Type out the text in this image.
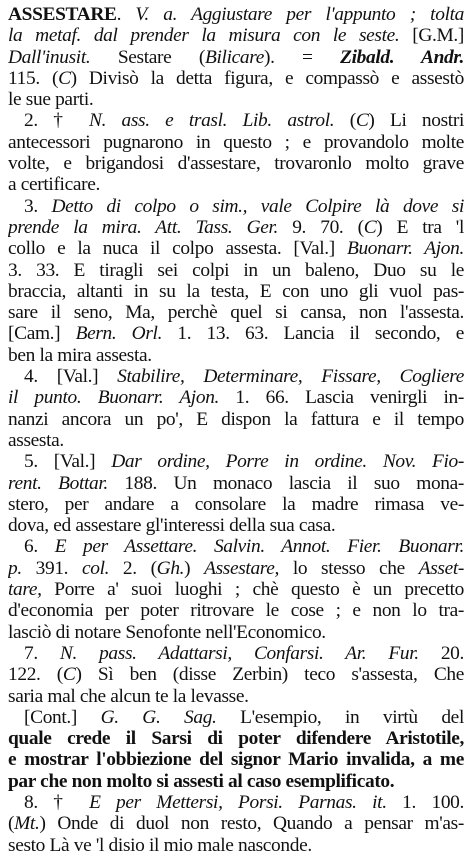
ASSESTARE. V. a. Aggiustare per l'appunto ; tolta
la metaf. dal prender la misura con le seste. [G.M.]
Dall'inusit. Sestare (Bilicare). = Zibald. Andr.
115. (C) Divisò la detta figura, e compassò e assestò
le sue parti.
2. † N. ass. e trasl. Lib. astrol. (C) Li nostri
antecessori pugnarono in questo ; e provandolo molte
volte, e brigandosi d'assestare, trovaronlo molto grave
a certificare.
3. Detto di colpo o sim., vale Colpire là dove si
prende la mira. Att. Tass. Ger. 9. 70. (C) E tra 'l
collo e la nuca il colpo assesta. [Val.] Buonarr. Ajon.
3. 33. E tiragli sei colpi in un baleno, Duo su le
braccia, altanti in su la testa, E con uno gli vuol pas-
sare il seno, Ma, perchè quel si cansa, non l'assesta.
[Cam.] Bern. Orl. 1. 13. 63. Lancia il secondo, e
ben la mira assesta.
4. [Val.] Stabilire, Determinare, Fissare, Cogliere
il punto. Buonarr. Ajon. 1. 66. Lascia venirgli in-
nanzi ancora un po', E dispon la fattura e il tempo
assesta.
5. [Val.] Dar ordine, Porre in ordine. Nov. Fio-
rent. Bottar. 188. Un monaco lascia il suo mona-
stero, per andare a consolare la madre rimasa ve-
dova, ed assestare gl'interessi della sua casa.
6. E per Assettare. Salvin. Annot. Fier. Buonarr.
p. 391. col. 2. (Gh.) Assestare, lo stesso che Asset-
tare, Porre a' suoi luoghi ; chè questo è un precetto
d'economia per poter ritrovare le cose ; e non lo tra-
lasciò di notare Senofonte nell'Economico.
7. N. pass. Adattarsi, Confarsi. Ar. Fur. 20.
122. (C) Sì ben (disse Zerbin) teco s'assesta, Che
saria mal che alcun te la levasse.
[Cont.] G. G. Sag. L'esempio, in virtù del
quale crede il Sarsi di poter difendere Aristotile,
e mostrar l'obbiezione del signor Mario invalida, a me
par che non molto si assesti al caso esemplificato.
8. † E per Mettersi, Porsi. Parnas. it. 1. 100.
(Mt.) Onde di duol non resto, Quando a pensar m'as-
sesto Là ve 'l disio il mio male nasconde.
